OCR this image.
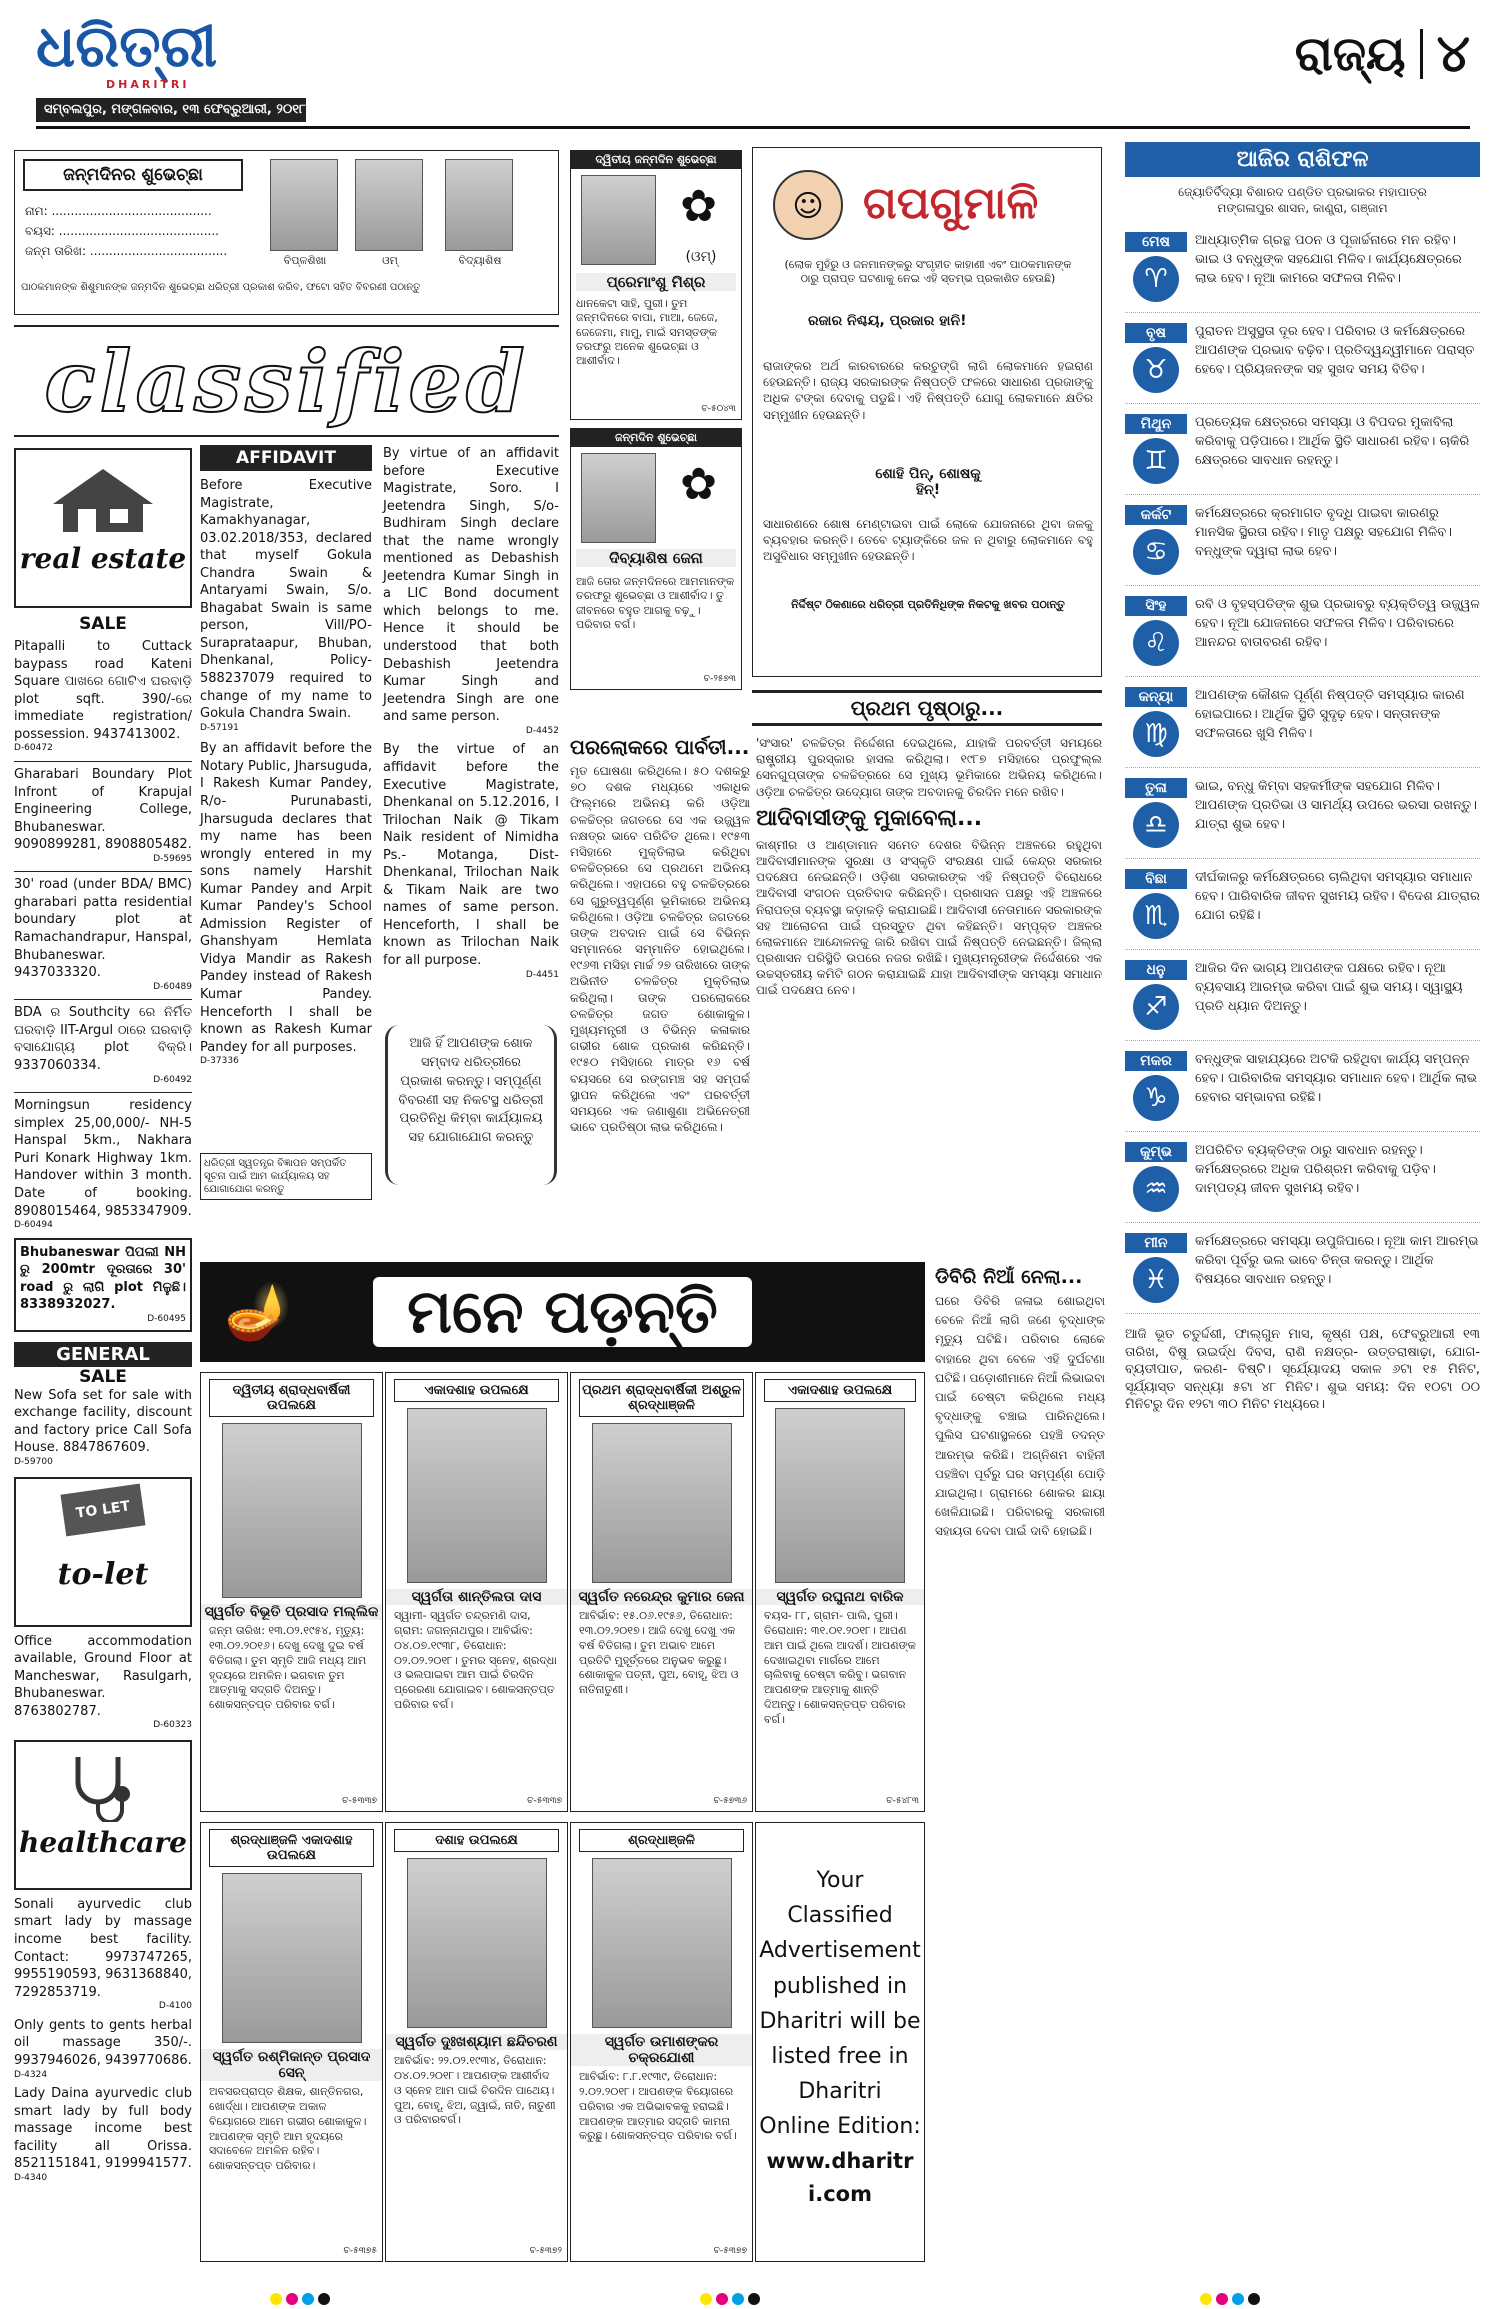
ଧରିତ୍ରୀ
DHARITRI
ସମ୍ବଲପୁର, ମଙ୍ଗଳବାର, ୧୩ ଫେବ୍ରୁଆରୀ, ୨୦୧୮
ରାଜ୍ୟ ୪
ଜନ୍ମଦିନର ଶୁଭେଚ୍ଛା
ନାମ: ..........................................
ବୟସ: ..........................................
ଜନ୍ମ ତାରିଖ: ....................................
ବିପ୍ଳଶିଖା	ଓମ୍	ବିଦ୍ୟାଶିଷ
ପାଠକମାନଙ୍କ ଶିଶୁମାନଙ୍କ ଜନ୍ମଦିନ ଶୁଭେଚ୍ଛା ଧରିତ୍ରୀ ପ୍ରକାଶ କରିବ, ଫଟୋ ସହିତ ବିବରଣୀ ପଠାନ୍ତୁ
classified
real estate
SALE
Pitapalli to Cuttack baypass road Kateni Square ପାଖରେ ଗୋଟିଏ ଘରବାଡ଼ି plot sqft. 390/-ରେ immediate registration/ possession. 9437413002.
D-60472
Gharabari Boundary Plot Infront of Krapujal Engineering College, Bhubaneswar. 9090899281, 8908805482.
D-59695
30' road (under BDA/ BMC) gharabari patta residential boundary plot at Ramachandrapur, Hanspal, Bhubaneswar. 9437033320.
D-60489
BDA ର Southcity ରେ ନିର୍ମିତ ଘରବାଡ଼ି IIT-Argul ଠାରେ ଘରବାଡ଼ି ବସାଯୋଗ୍ୟ plot ବିକ୍ରି। 9337060334.
D-60492
Morningsun residency simplex 25,00,000/- NH-5 Hanspal 5km., Nakhara Puri Konark Highway 1km. Handover within 3 month. Date of booking. 8908015464, 9853347909.
D-60494
Bhubaneswar ପିପଲୀ NH ରୁ 200mtr ଦୂରତାରେ 30' road ରୁ ଲାଗି plot ମିଳୁଛି। 8338932027.
D-60495
GENERAL
SALE
New Sofa set for sale with exchange facility, discount and factory price Call Sofa House. 8847867609.
D-59700
TO LET
to-let
Office accommodation available, Ground Floor at Mancheswar, Rasulgarh, Bhubaneswar. 8763802787.
D-60323
healthcare
Sonali ayurvedic club smart lady by massage income best facility. Contact: 9973747265, 9955190593, 9631368840, 7292853719.
D-4100
Only gents to gents herbal oil massage 350/-. 9937946026, 9439770686.
D-4324
Lady Daina ayurvedic club smart lady by full body massage income best facility all Orissa. 8521151841, 9199941577.
D-4340
AFFIDAVIT
Before Executive Magistrate, Kamakhyanagar, 03.02.2018/353, declared that myself Gokula Chandra Swain & Antaryami Swain, S/o. Bhagabat Swain is same person, Vill/PO-Suraprataapur, Bhuban, Dhenkanal, Policy-588237079 required to change of my name to Gokula Chandra Swain.
D-57191
By an affidavit before the Notary Public, Jharsuguda, I Rakesh Kumar Pandey, R/o- Purunabasti, Jharsuguda declares that my name has been wrongly entered in my sons namely Harshit Kumar Pandey and Arpit Kumar Pandey's School Admission Register of Ghanshyam Hemlata Vidya Mandir as Rakesh Pandey instead of Rakesh Kumar Pandey. Henceforth I shall be known as Rakesh Kumar Pandey for all purposes.
D-37336
By virtue of an affidavit before Executive Magistrate, Soro. I Jeetendra Singh, S/o- Budhiram Singh declare that the name wrongly mentioned as Debashish Jeetendra Kumar Singh in a LIC Bond document which belongs to me. Hence it should be understood that both Debashish Jeetendra Kumar Singh and Jeetendra Singh are one and same person.
D-4452
By the virtue of an affidavit before the Executive Magistrate, Dhenkanal on 5.12.2016, I Trilochan Naik @ Tikam Naik resident of Nimidha Ps.- Motanga, Dist- Dhenkanal, Trilochan Naik & Tikam Naik are two names of same person. Henceforth, I shall be known as Trilochan Naik for all purpose.
D-4451
ଆଜି ହିଁ ଆପଣଙ୍କ ଶୋକ ସମ୍ବାଦ ଧରିତ୍ରୀରେ ପ୍ରକାଶ କରନ୍ତୁ। ସମ୍ପୂର୍ଣ୍ଣ ବିବରଣୀ ସହ ନିକଟସ୍ଥ ଧରିତ୍ରୀ ପ୍ରତିନିଧି କିମ୍ବା କାର୍ଯ୍ୟାଳୟ ସହ ଯୋଗାଯୋଗ କରନ୍ତୁ
ଧରିତ୍ରୀ ସ୍ୱତନ୍ତ୍ର ବିଜ୍ଞାପନ ସମ୍ପର୍କିତ ସୂଚନା ପାଇଁ ଆମ କାର୍ଯ୍ୟାଳୟ ସହ ଯୋଗାଯୋଗ କରନ୍ତୁ
ଦ୍ୱିତୀୟ ଜନ୍ମଦିନ ଶୁଭେଚ୍ଛା
✿
(ଓମ୍)
ପ୍ରେମାଂଶୁ ମିଶ୍ର
ଧାନକେଟା ସାହି, ପୁରୀ। ତୁମ ଜନ୍ମଦିନରେ ବାପା, ମାଆ, ଜେଜେ, ଜେଜେମା, ମାମୁ, ମାଇଁ ସମସ୍ତଙ୍କ ତରଫରୁ ଅନେକ ଶୁଭେଚ୍ଛା ଓ ଆଶୀର୍ବାଦ।
ଚ-୫୦୪୩
ଜନ୍ମଦିନ ଶୁଭେଚ୍ଛା
✿
ଦିବ୍ୟାଶିଷ ଜେନା
ଆଜି ତୋର ଜନ୍ମଦିନରେ ଆମମାନଙ୍କ ତରଫରୁ ଶୁଭେଚ୍ଛା ଓ ଆଶୀର୍ବାଦ। ତୁ ଜୀବନରେ ବହୁତ ଆଗକୁ ବଢ଼ୁ। ପରିବାର ବର୍ଗ।
ଚ-୨୫୭୩
☺ ଗପଗୁମାଳି
(ଲୋକ ମୁହଁରୁ ଓ ଜନମାନଙ୍କରୁ ସଂଗୃହୀତ କାହାଣୀ ଏବଂ ପାଠକମାନଙ୍କ ଠାରୁ ପ୍ରାପ୍ତ ଘଟଣାକୁ ନେଇ ଏହି ସ୍ତମ୍ଭ ପ୍ରକାଶିତ ହେଉଛି)
ରଜାର ନିଶ୍ଚୟ, ପ୍ରଜାର ହାନି!
ରାଜାଙ୍କର ଅର୍ଥ କାରବାରରେ କରଚୁଙ୍ଗି ଲାଗି ଲୋକମାନେ ହଇରାଣ ହେଉଛନ୍ତି। ରାଜ୍ୟ ସରକାରଙ୍କ ନିଷ୍ପତ୍ତି ଫଳରେ ସାଧାରଣ ପ୍ରଜାଙ୍କୁ ଅଧିକ ଟଙ୍କା ଦେବାକୁ ପଡୁଛି। ଏହି ନିଷ୍ପତ୍ତି ଯୋଗୁ ଲୋକମାନେ କ୍ଷତିର ସମ୍ମୁଖୀନ ହେଉଛନ୍ତି।
ଶୋହି ପିନ୍, ଶୋଷକୁ ହିନ୍!
ସାଧାରଣରେ ଶୋଷ ମେଣ୍ଟାଇବା ପାଇଁ ଲୋକେ ଯୋଜନାରେ ଥିବା ଜଳକୁ ବ୍ୟବହାର କରନ୍ତି। ତେବେ ଟ୍ୟାଙ୍କିରେ ଜଳ ନ ଥିବାରୁ ଲୋକମାନେ ବହୁ ଅସୁବିଧାର ସମ୍ମୁଖୀନ ହେଉଛନ୍ତି।
ନିର୍ଦ୍ଦିଷ୍ଟ ଠିକଣାରେ ଧରିତ୍ରୀ ପ୍ରତିନିଧିଙ୍କ ନିକଟକୁ ଖବର ପଠାନ୍ତୁ
ପ୍ରଥମ ପୃଷ୍ଠାରୁ...
ପରଲୋକରେ ପାର୍ବତୀ...
ମୃତ ଘୋଷଣା କରିଥିଲେ। ୫୦ ଦଶକରୁ ୭୦ ଦଶକ ମଧ୍ୟରେ ଏକାଧିକ ଫିଲ୍ମରେ ଅଭିନୟ କରି ଓଡ଼ିଆ ଚଳଚ୍ଚିତ୍ର ଜଗତରେ ସେ ଏକ ଉଜ୍ଜ୍ୱଳ ନକ୍ଷତ୍ର ଭାବେ ପରିଚିତ ଥିଲେ। ୧୯୫୩ ମସିହାରେ ମୁକ୍ତିଲାଭ କରିଥିବା ଚଳଚ୍ଚିତ୍ରରେ ସେ ପ୍ରଥମେ ଅଭିନୟ କରିଥିଲେ। ଏହାପରେ ବହୁ ଚଳଚ୍ଚିତ୍ରରେ ସେ ଗୁରୁତ୍ୱପୂର୍ଣ୍ଣ ଭୂମିକାରେ ଅଭିନୟ କରିଥିଲେ। ଓଡ଼ିଆ ଚଳଚ୍ଚିତ୍ର ଜଗତରେ ତାଙ୍କ ଅବଦାନ ପାଇଁ ସେ ବିଭିନ୍ନ ସମ୍ମାନରେ ସମ୍ମାନିତ ହୋଇଥିଲେ। ୧୯୬୩ ମସିହା ମାର୍ଚ୍ଚ ୨୭ ତାରିଖରେ ତାଙ୍କ ଅଭିନୀତ ଚଳଚ୍ଚିତ୍ର ମୁକ୍ତିଲାଭ କରିଥିଲା। ତାଙ୍କ ପରଲୋକରେ ଚଳଚ୍ଚିତ୍ର ଜଗତ ଶୋକାକୁଳ। ମୁଖ୍ୟମନ୍ତ୍ରୀ ଓ ବିଭିନ୍ନ କଳାକାର ଗଭୀର ଶୋକ ପ୍ରକାଶ କରିଛନ୍ତି। ୧୯୫୦ ମସିହାରେ ମାତ୍ର ୧୬ ବର୍ଷ ବୟସରେ ସେ ରଙ୍ଗମଞ୍ଚ ସହ ସମ୍ପର୍କ ସ୍ଥାପନ କରିଥିଲେ ଏବଂ ପରବର୍ତ୍ତୀ ସମୟରେ ଏକ ଜଣାଶୁଣା ଅଭିନେତ୍ରୀ ଭାବେ ପ୍ରତିଷ୍ଠା ଲାଭ କରିଥିଲେ।
'ସଂସାର' ଚଳଚ୍ଚିତ୍ର ନିର୍ଦ୍ଦେଶନା ଦେଇଥିଲେ, ଯାହାକି ପରବର୍ତ୍ତୀ ସମୟରେ ରାଷ୍ଟ୍ରୀୟ ପୁରସ୍କାର ହାସଲ କରିଥିଲା। ୧୯୮୭ ମସିହାରେ ପ୍ରଫୁଲ୍ଲ ସେନଗୁପ୍ତାଙ୍କ ଚଳଚ୍ଚିତ୍ରରେ ସେ ମୁଖ୍ୟ ଭୂମିକାରେ ଅଭିନୟ କରିଥିଲେ। ଓଡ଼ିଆ ଚଳଚ୍ଚିତ୍ର ଉଦ୍ୟୋଗ ତାଙ୍କ ଅବଦାନକୁ ଚିରଦିନ ମନେ ରଖିବ।
ଆଦିବାସୀଙ୍କୁ ମୁକାବେଲା...
କାଶ୍ମୀର ଓ ଆଣ୍ଡାମାନ ସମେତ ଦେଶର ବିଭିନ୍ନ ଅଞ୍ଚଳରେ ରହୁଥିବା ଆଦିବାସୀମାନଙ୍କ ସୁରକ୍ଷା ଓ ସଂସ୍କୃତି ସଂରକ୍ଷଣ ପାଇଁ କେନ୍ଦ୍ର ସରକାର ପଦକ୍ଷେପ ନେଇଛନ୍ତି। ଓଡ଼ିଶା ସରକାରଙ୍କ ଏହି ନିଷ୍ପତ୍ତି ବିରୋଧରେ ଆଦିବାସୀ ସଂଗଠନ ପ୍ରତିବାଦ କରିଛନ୍ତି। ପ୍ରଶାସନ ପକ୍ଷରୁ ଏହି ଅଞ୍ଚଳରେ ନିରାପତ୍ତା ବ୍ୟବସ୍ଥା କଡ଼ାକଡ଼ି କରାଯାଇଛି। ଆଦିବାସୀ ନେତାମାନେ ସରକାରଙ୍କ ସହ ଆଲୋଚନା ପାଇଁ ପ୍ରସ୍ତୁତ ଥିବା କହିଛନ୍ତି। ସମ୍ପୃକ୍ତ ଅଞ୍ଚଳର ଲୋକମାନେ ଆନ୍ଦୋଳନକୁ ଜାରି ରଖିବା ପାଇଁ ନିଷ୍ପତ୍ତି ନେଇଛନ୍ତି। ଜିଲ୍ଲା ପ୍ରଶାସନ ପରିସ୍ଥିତି ଉପରେ ନଜର ରଖିଛି। ମୁଖ୍ୟମନ୍ତ୍ରୀଙ୍କ ନିର୍ଦ୍ଦେଶରେ ଏକ ଉଚ୍ଚସ୍ତରୀୟ କମିଟି ଗଠନ କରାଯାଇଛି ଯାହା ଆଦିବାସୀଙ୍କ ସମସ୍ୟା ସମାଧାନ ପାଇଁ ପଦକ୍ଷେପ ନେବ।
🪔	ମନେ ପଡ଼ନ୍ତି
ଦ୍ୱିତୀୟ ଶ୍ରାଦ୍ଧବାର୍ଷିକୀ ଉପଲକ୍ଷେ
ସ୍ୱର୍ଗତ ବିଭୂତି ପ୍ରସାଦ ମଲ୍ଲିକ
ଜନ୍ମ ତାରିଖ: ୧୩.୦୨.୧୯୫୪, ମୃତ୍ୟୁ: ୧୩.୦୨.୨୦୧୬। ଦେଖୁ ଦେଖୁ ଦୁଇ ବର୍ଷ ବିତିଗଲା। ତୁମ ସ୍ମୃତି ଆଜି ମଧ୍ୟ ଆମ ହୃଦୟରେ ଅମଳିନ। ଭଗବାନ ତୁମ ଆତ୍ମାକୁ ସଦ୍‌ଗତି ଦିଅନ୍ତୁ। ଶୋକସନ୍ତପ୍ତ ପରିବାର ବର୍ଗ।
ଚ-୫୩୩୭
ଏକାଦଶାହ ଉପଲକ୍ଷେ
ସ୍ୱର୍ଗତା ଶାନ୍ତିଲତା ଦାସ
ସ୍ୱାମୀ- ସ୍ୱର୍ଗତ ଚନ୍ଦ୍ରମଣି ଦାସ, ଗ୍ରାମ: ଜଗନ୍ନାଥପୁର। ଆବିର୍ଭାବ: ୦୪.୦୭.୧୯୩୮, ତିରୋଧାନ: ୦୨.୦୨.୨୦୧୮। ତୁମର ସ୍ନେହ, ଶ୍ରଦ୍ଧା ଓ ଭଲପାଇବା ଆମ ପାଇଁ ଚିରଦିନ ପ୍ରେରଣା ଯୋଗାଇବ। ଶୋକସନ୍ତପ୍ତ ପରିବାର ବର୍ଗ।
ଚ-୫୩୩୭
ପ୍ରଥମ ଶ୍ରାଦ୍ଧବାର୍ଷିକୀ ଅଶ୍ରୁଳ ଶ୍ରଦ୍ଧାଞ୍ଜଳି
ସ୍ୱର୍ଗତ ନରେନ୍ଦ୍ର କୁମାର ଜେନା
ଆବିର୍ଭାବ: ୧୫.୦୬.୧୯୫୬, ତିରୋଧାନ: ୧୩.୦୨.୨୦୧୭। ଆଜି ଦେଖୁ ଦେଖୁ ଏକ ବର୍ଷ ବିତିଗଲା। ତୁମ ଅଭାବ ଆମେ ପ୍ରତିଟି ମୁହୂର୍ତ୍ତରେ ଅନୁଭବ କରୁଛୁ। ଶୋକାକୁଳ ପତ୍ନୀ, ପୁଅ, ବୋହୂ, ଝିଅ ଓ ନାତିନାତୁଣୀ।
ଚ-୫୭୩୬
ଏକାଦଶାହ ଉପଲକ୍ଷେ
ସ୍ୱର୍ଗତ ରଘୁନାଥ ବାରିକ
ବୟସ- ୮୮, ଗ୍ରାମ- ପାଲି, ପୁରୀ। ତିରୋଧାନ: ୩୧.୦୧.୨୦୧୮। ଆପଣ ଆମ ପାଇଁ ଥିଲେ ଆଦର୍ଶ। ଆପଣଙ୍କ ଦେଖାଇଥିବା ମାର୍ଗରେ ଆମେ ଚାଲିବାକୁ ଚେଷ୍ଟା କରିବୁ। ଭଗବାନ ଆପଣଙ୍କ ଆତ୍ମାକୁ ଶାନ୍ତି ଦିଅନ୍ତୁ। ଶୋକସନ୍ତପ୍ତ ପରିବାର ବର୍ଗ।
ଚ-୫୪୮୩
ଶ୍ରଦ୍ଧାଞ୍ଜଳି ଏକାଦଶାହ ଉପଲକ୍ଷେ
ସ୍ୱର୍ଗତ ରଶ୍ମିକାନ୍ତ ପ୍ରସାଦ ସେନ୍
ଅବସରପ୍ରାପ୍ତ ଶିକ୍ଷକ, ଶାନ୍ତିନଗର, ଖୋର୍ଦ୍ଧା। ଆପଣଙ୍କ ଅକାଳ ବିୟୋଗରେ ଆମେ ଗଭୀର ଶୋକାକୁଳ। ଆପଣଙ୍କ ସ୍ମୃତି ଆମ ହୃଦୟରେ ସଦାବେଳେ ଅମଳିନ ରହିବ। ଶୋକସନ୍ତପ୍ତ ପରିବାର।
ଚ-୫୩୭୫
ଦଶାହ ଉପଲକ୍ଷେ
ସ୍ୱର୍ଗତ ଦୁଃଖଶ୍ୟାମ ଛନ୍ଦିଚରଣ
ଆବିର୍ଭାବ: ୨୨.୦୨.୧୯୩୪, ତିରୋଧାନ: ୦୪.୦୨.୨୦୧୮। ଆପଣଙ୍କ ଆଶୀର୍ବାଦ ଓ ସ୍ନେହ ଆମ ପାଇଁ ଚିରଦିନ ପାଥେୟ। ପୁଅ, ବୋହୂ, ଝିଅ, ଜ୍ୱାଇଁ, ନାତି, ନାତୁଣୀ ଓ ପରିବାରବର୍ଗ।
ଚ-୫୩୭୨
ଶ୍ରଦ୍ଧାଞ୍ଜଳି
ସ୍ୱର୍ଗତ ଉମାଶଙ୍କର ଚକ୍ରଯୋଶୀ
ଆବିର୍ଭାବ: ୮.୮.୧୯୩୯, ତିରୋଧାନ: ୨.୦୨.୨୦୧୮। ଆପଣଙ୍କ ବିୟୋଗରେ ପରିବାର ଏକ ଅଭିଭାବକକୁ ହରାଇଛି। ଆପଣଙ୍କ ଆତ୍ମାର ସଦ୍‌ଗତି କାମନା କରୁଛୁ। ଶୋକସନ୍ତପ୍ତ ପରିବାର ବର୍ଗ।
ଚ-୫୩୭୭
Your
Classified
Advertisement
published in
Dharitri will be
listed free in
Dharitri
Online Edition:
www.dharitri.com
ଡିବିରି ନିଆଁ ନେଲା...
ଘରେ ଡିବିରି ଜଳାଇ ଶୋଇଥିବା ବେଳେ ନିଆଁ ଲାଗି ଜଣେ ବୃଦ୍ଧାଙ୍କ ମୃତ୍ୟୁ ଘଟିଛି। ପରିବାର ଲୋକେ ବାହାରେ ଥିବା ବେଳେ ଏହି ଦୁର୍ଘଟଣା ଘଟିଛି। ପଡ଼ୋଶୀମାନେ ନିଆଁ ଲିଭାଇବା ପାଇଁ ଚେଷ୍ଟା କରିଥିଲେ ମଧ୍ୟ ବୃଦ୍ଧାଙ୍କୁ ବଞ୍ଚାଇ ପାରିନଥିଲେ। ପୁଲିସ ଘଟଣାସ୍ଥଳରେ ପହଞ୍ଚି ତଦନ୍ତ ଆରମ୍ଭ କରିଛି। ଅଗ୍ନିଶମ ବାହିନୀ ପହଞ୍ଚିବା ପୂର୍ବରୁ ଘର ସମ୍ପୂର୍ଣ୍ଣ ପୋଡ଼ି ଯାଇଥିଲା। ଗ୍ରାମରେ ଶୋକର ଛାୟା ଖେଳିଯାଇଛି। ପରିବାରକୁ ସରକାରୀ ସହାୟତା ଦେବା ପାଇଁ ଦାବି ହୋଇଛି।
ଆଜିର ରାଶିଫଳ
ଜ୍ୟୋତିର୍ବିଦ୍ୟା ବିଶାରଦ ପଣ୍ଡିତ ପ୍ରଭାକର ମହାପାତ୍ର
ମଙ୍ଗଳାପୁର ଶାସନ, କାଣ୍ଡ୍ରା, ଗଞ୍ଜାମ
ମେଷ
♈
ଆଧ୍ୟାତ୍ମିକ ଗ୍ରନ୍ଥ ପଠନ ଓ ପୂଜାର୍ଚ୍ଚନାରେ ମନ ରହିବ। ଭାଇ ଓ ବନ୍ଧୁଙ୍କ ସହଯୋଗ ମିଳିବ। କାର୍ଯ୍ୟକ୍ଷେତ୍ରରେ ଲାଭ ହେବ। ନୂଆ କାମରେ ସଫଳତା ମିଳିବ।
ବୃଷ
♉
ପୁରାତନ ଅସୁସ୍ଥତା ଦୂର ହେବ। ପରିବାର ଓ କର୍ମକ୍ଷେତ୍ରରେ ଆପଣଙ୍କ ପ୍ରଭାବ ବଢ଼ିବ। ପ୍ରତିଦ୍ୱନ୍ଦ୍ୱୀମାନେ ପରାସ୍ତ ହେବେ। ପ୍ରିୟଜନଙ୍କ ସହ ସୁଖଦ ସମୟ ବିତିବ।
ମିଥୁନ
♊
ପ୍ରତ୍ୟେକ କ୍ଷେତ୍ରରେ ସମସ୍ୟା ଓ ବିପଦର ମୁକାବିଲା କରିବାକୁ ପଡ଼ିପାରେ। ଆର୍ଥିକ ସ୍ଥିତି ସାଧାରଣ ରହିବ। ଚାକିରି କ୍ଷେତ୍ରରେ ସାବଧାନ ରହନ୍ତୁ।
କର୍କଟ
♋
କର୍ମକ୍ଷେତ୍ରରେ କ୍ରମାଗତ ବୃଦ୍ଧି ପାଇବା କାରଣରୁ ମାନସିକ ସ୍ଥିରତା ରହିବ। ମାତୃ ପକ୍ଷରୁ ସହଯୋଗ ମିଳିବ। ବନ୍ଧୁଙ୍କ ଦ୍ୱାରା ଲାଭ ହେବ।
ସିଂହ
♌
ରବି ଓ ବୃହସ୍ପତିଙ୍କ ଶୁଭ ପ୍ରଭାବରୁ ବ୍ୟକ୍ତିତ୍ୱ ଉଜ୍ଜ୍ୱଳ ହେବ। ନୂଆ ଯୋଜନାରେ ସଫଳତା ମିଳିବ। ପରିବାରରେ ଆନନ୍ଦର ବାତାବରଣ ରହିବ।
କନ୍ୟା
♍
ଆପଣଙ୍କ କୌଶଳ ପୂର୍ଣ୍ଣ ନିଷ୍ପତ୍ତି ସମସ୍ୟାର କାରଣ ହୋଇପାରେ। ଆର୍ଥିକ ସ୍ଥିତି ସୁଦୃଢ଼ ହେବ। ସନ୍ତାନଙ୍କ ସଫଳତାରେ ଖୁସି ମିଳିବ।
ତୁଳା
♎
ଭାଇ, ବନ୍ଧୁ କିମ୍ବା ସହକର୍ମୀଙ୍କ ସହଯୋଗ ମିଳିବ। ଆପଣଙ୍କ ପ୍ରତିଭା ଓ ସାମର୍ଥ୍ୟ ଉପରେ ଭରସା ରଖନ୍ତୁ। ଯାତ୍ରା ଶୁଭ ହେବ।
ବିଛା
♏
ଦୀର୍ଘକାଳରୁ କର୍ମକ୍ଷେତ୍ରରେ ଚାଲିଥିବା ସମସ୍ୟାର ସମାଧାନ ହେବ। ପାରିବାରିକ ଜୀବନ ସୁଖମୟ ରହିବ। ବିଦେଶ ଯାତ୍ରାର ଯୋଗ ରହିଛି।
ଧନୁ
♐
ଆଜିର ଦିନ ଭାଗ୍ୟ ଆପଣଙ୍କ ପକ୍ଷରେ ରହିବ। ନୂଆ ବ୍ୟବସାୟ ଆରମ୍ଭ କରିବା ପାଇଁ ଶୁଭ ସମୟ। ସ୍ୱାସ୍ଥ୍ୟ ପ୍ରତି ଧ୍ୟାନ ଦିଅନ୍ତୁ।
ମକର
♑
ବନ୍ଧୁଙ୍କ ସାହାଯ୍ୟରେ ଅଟକି ରହିଥିବା କାର୍ଯ୍ୟ ସମ୍ପନ୍ନ ହେବ। ପାରିବାରିକ ସମସ୍ୟାର ସମାଧାନ ହେବ। ଆର୍ଥିକ ଲାଭ ହେବାର ସମ୍ଭାବନା ରହିଛି।
କୁମ୍ଭ
♒
ଅପରିଚିତ ବ୍ୟକ୍ତିଙ୍କ ଠାରୁ ସାବଧାନ ରହନ୍ତୁ। କର୍ମକ୍ଷେତ୍ରରେ ଅଧିକ ପରିଶ୍ରମ କରିବାକୁ ପଡ଼ିବ। ଦାମ୍ପତ୍ୟ ଜୀବନ ସୁଖମୟ ରହିବ।
ମୀନ
♓
କର୍ମକ୍ଷେତ୍ରରେ ସମସ୍ୟା ଉପୁଜିପାରେ। ନୂଆ କାମ ଆରମ୍ଭ କରିବା ପୂର୍ବରୁ ଭଲ ଭାବେ ଚିନ୍ତା କରନ୍ତୁ। ଆର୍ଥିକ ବିଷୟରେ ସାବଧାନ ରହନ୍ତୁ।
ଆଜି ଭୂତ ଚତୁର୍ଦ୍ଦଶୀ, ଫାଲ୍‌ଗୁନ ମାସ, କୃଷ୍ଣ ପକ୍ଷ, ଫେବ୍ରୁଆରୀ ୧୩ ତାରିଖ, ବିଷୁ ଉଇର୍ଦ୍ଧ ଦିବସ, ରାଶି ନକ୍ଷତ୍ର- ଉତ୍ତରାଷାଢ଼ା, ଯୋଗ- ବ୍ୟତୀପାତ, କରଣ- ବିଷ୍ଟି। ସୂର୍ଯ୍ୟୋଦୟ ସକାଳ ୬ଟା ୧୫ ମିନିଟ, ସୂର୍ଯ୍ୟାସ୍ତ ସନ୍ଧ୍ୟା ୫ଟା ୪୮ ମିନିଟ। ଶୁଭ ସମୟ: ଦିନ ୧୦ଟା ୦୦ ମିନିଟରୁ ଦିନ ୧୨ଟା ୩୦ ମିନିଟ ମଧ୍ୟରେ।
